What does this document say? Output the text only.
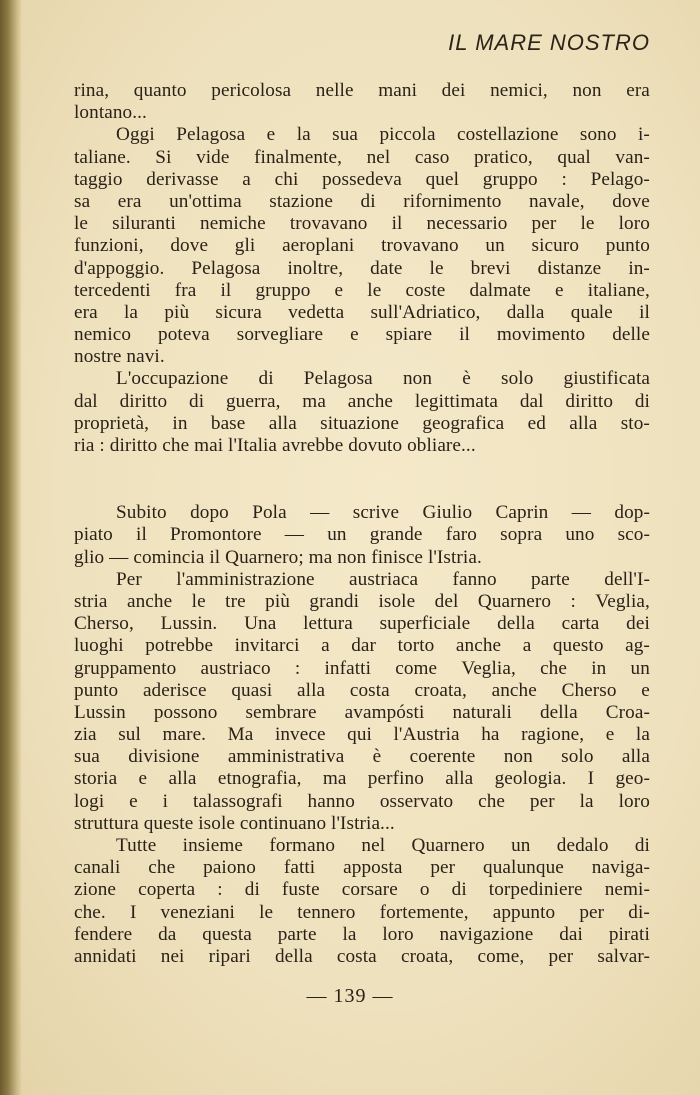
IL MARE NOSTRO
rina, quanto pericolosa nelle mani dei nemici, non era
lontano...
Oggi Pelagosa e la sua piccola costellazione sono i-
taliane. Si vide finalmente, nel caso pratico, qual van-
taggio derivasse a chi possedeva quel gruppo : Pelago-
sa era un'ottima stazione di rifornimento navale, dove
le siluranti nemiche trovavano il necessario per le loro
funzioni, dove gli aeroplani trovavano un sicuro punto
d'appoggio. Pelagosa inoltre, date le brevi distanze in-
tercedenti fra il gruppo e le coste dalmate e italiane,
era la più sicura vedetta sull'Adriatico, dalla quale il
nemico poteva sorvegliare e spiare il movimento delle
nostre navi.
L'occupazione di Pelagosa non è solo giustificata
dal diritto di guerra, ma anche legittimata dal diritto di
proprietà, in base alla situazione geografica ed alla sto-
ria : diritto che mai l'Italia avrebbe dovuto obliare...
Subito dopo Pola — scrive Giulio Caprin — dop-
piato il Promontore — un grande faro sopra uno sco-
glio — comincia il Quarnero; ma non finisce l'Istria.
Per l'amministrazione austriaca fanno parte dell'I-
stria anche le tre più grandi isole del Quarnero : Veglia,
Cherso, Lussin. Una lettura superficiale della carta dei
luoghi potrebbe invitarci a dar torto anche a questo ag-
gruppamento austriaco : infatti come Veglia, che in un
punto aderisce quasi alla costa croata, anche Cherso e
Lussin possono sembrare avampósti naturali della Croa-
zia sul mare. Ma invece qui l'Austria ha ragione, e la
sua divisione amministrativa è coerente non solo alla
storia e alla etnografia, ma perfino alla geologia. I geo-
logi e i talassografi hanno osservato che per la loro
struttura queste isole continuano l'Istria...
Tutte insieme formano nel Quarnero un dedalo di
canali che paiono fatti apposta per qualunque naviga-
zione coperta : di fuste corsare o di torpediniere nemi-
che. I veneziani le tennero fortemente, appunto per di-
fendere da questa parte la loro navigazione dai pirati
annidati nei ripari della costa croata, come, per salvar-
— 139 —
